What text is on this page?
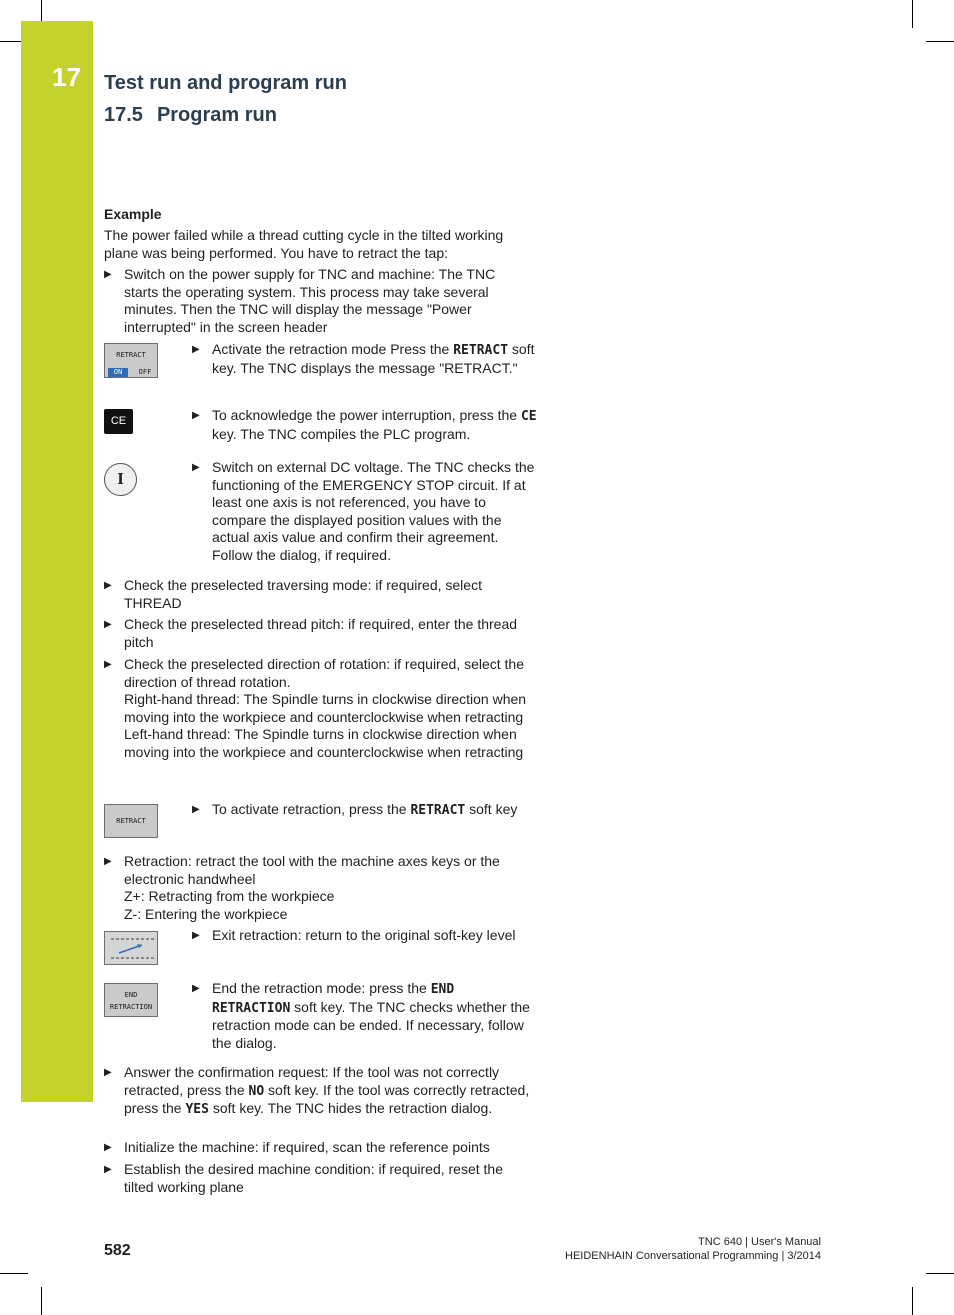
17 Test run and program run
17.5 Program run
Example
The power failed while a thread cutting cycle in the tilted working plane was being performed. You have to retract the tap:
▶ Switch on the power supply for TNC and machine: The TNC starts the operating system. This process may take several minutes. Then the TNC will display the message "Power interrupted" in the screen header
RETRACT
ON	OFF
▶ Activate the retraction mode Press the RETRACT soft key. The TNC displays the message "RETRACT."
CE	▶ To acknowledge the power interruption, press the CE key. The TNC compiles the PLC program.
I
▶ Switch on external DC voltage. The TNC checks the functioning of the EMERGENCY STOP circuit. If at least one axis is not referenced, you have to compare the displayed position values with the actual axis value and confirm their agreement. Follow the dialog, if required.
▶ Check the preselected traversing mode: if required, select THREAD
▶ Check the preselected thread pitch: if required, enter the thread pitch
▶ Check the preselected direction of rotation: if required, select the direction of thread rotation.
Right-hand thread: The Spindle turns in clockwise direction when moving into the workpiece and counterclockwise when retracting
Left-hand thread: The Spindle turns in clockwise direction when moving into the workpiece and counterclockwise when retracting
RETRACT
▶ To activate retraction, press the RETRACT soft key
▶ Retraction: retract the tool with the machine axes keys or the electronic handwheel
Z+: Retracting from the workpiece
Z-: Entering the workpiece
▶ Exit retraction: return to the original soft-key level
END
RETRACTION
▶ End the retraction mode: press the END RETRACTION soft key. The TNC checks whether the retraction mode can be ended. If necessary, follow the dialog.
▶ Answer the confirmation request: If the tool was not correctly retracted, press the NO soft key. If the tool was correctly retracted, press the YES soft key. The TNC hides the retraction dialog.
▶ Initialize the machine: if required, scan the reference points
▶ Establish the desired machine condition: if required, reset the tilted working plane
582	TNC 640 | User's Manual
HEIDENHAIN Conversational Programming | 3/2014
